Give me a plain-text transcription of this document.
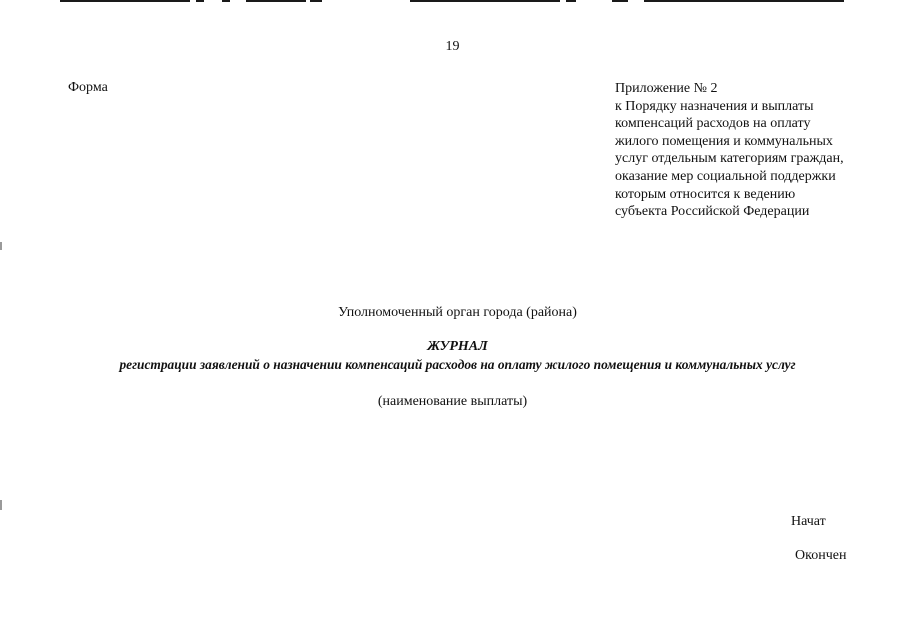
19
Форма	Приложение № 2
к Порядку назначения и выплаты
компенсаций расходов на оплату
жилого помещения и коммунальных
услуг отдельным категориям граждан,
оказание мер социальной поддержки
которым относится к ведению
субъекта Российской Федерации
Уполномоченный орган города (района)
ЖУРНАЛ
регистрации заявлений о назначении компенсаций расходов на оплату жилого помещения и коммунальных услуг
(наименование выплаты)
Начат
Окончен
